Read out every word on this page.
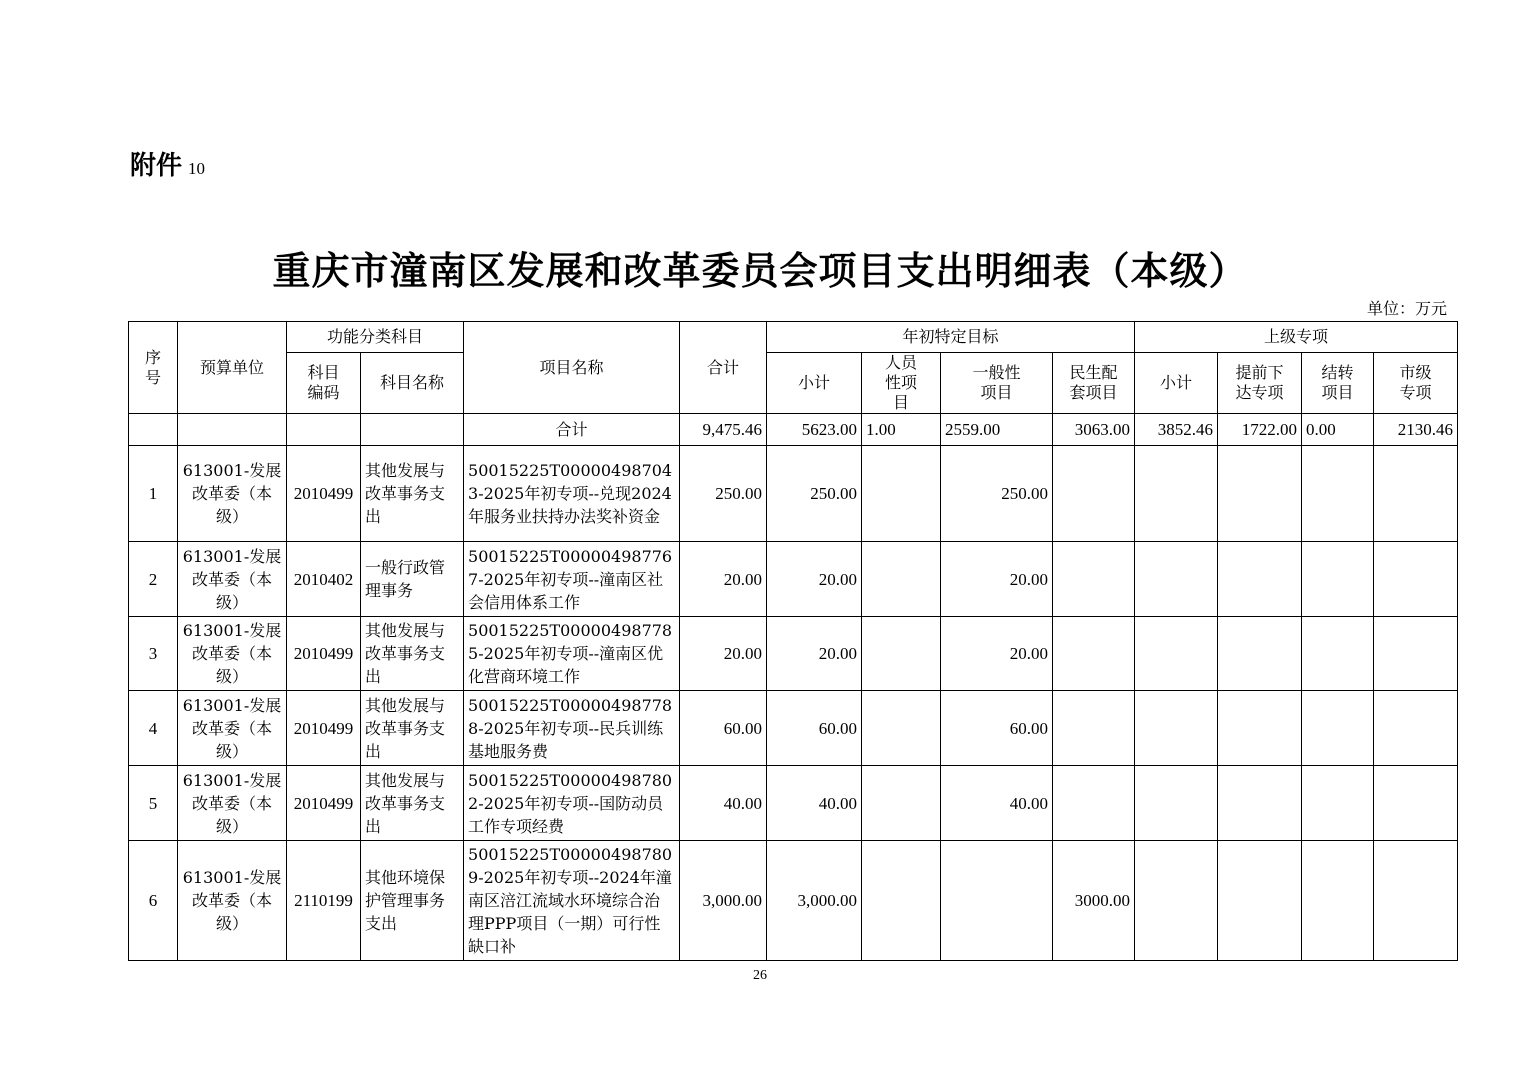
附件 10
重庆市潼南区发展和改革委员会项目支出明细表（本级）
单位：万元
序号	预算单位	功能分类科目		项目名称	合计	年初特定目标				上级专项			
		科目编码	科目名称			小计	人员性项目	一般性项目	民生配套项目	小计	提前下达专项	结转项目	市级专项
				合计	9,475.46	5623.00	1.00	2559.00	3063.00	3852.46	1722.00	0.00	2130.46
1	613001-发展改革委（本级）	2010499	其他发展与改革事务支出	50015225T000004987043-2025年初专项--兑现2024年服务业扶持办法奖补资金	250.00	250.00		250.00					
2	613001-发展改革委（本级）	2010402	一般行政管理事务	50015225T000004987767-2025年初专项--潼南区社会信用体系工作	20.00	20.00		20.00					
3	613001-发展改革委（本级）	2010499	其他发展与改革事务支出	50015225T000004987785-2025年初专项--潼南区优化营商环境工作	20.00	20.00		20.00					
4	613001-发展改革委（本级）	2010499	其他发展与改革事务支出	50015225T000004987788-2025年初专项--民兵训练基地服务费	60.00	60.00		60.00					
5	613001-发展改革委（本级）	2010499	其他发展与改革事务支出	50015225T000004987802-2025年初专项--国防动员工作专项经费	40.00	40.00		40.00					
6	613001-发展改革委（本级）	2110199	其他环境保护管理事务支出	50015225T000004987809-2025年初专项--2024年潼南区涪江流域水环境综合治理PPP项目（一期）可行性缺口补	3,000.00	3,000.00			3000.00				
26
